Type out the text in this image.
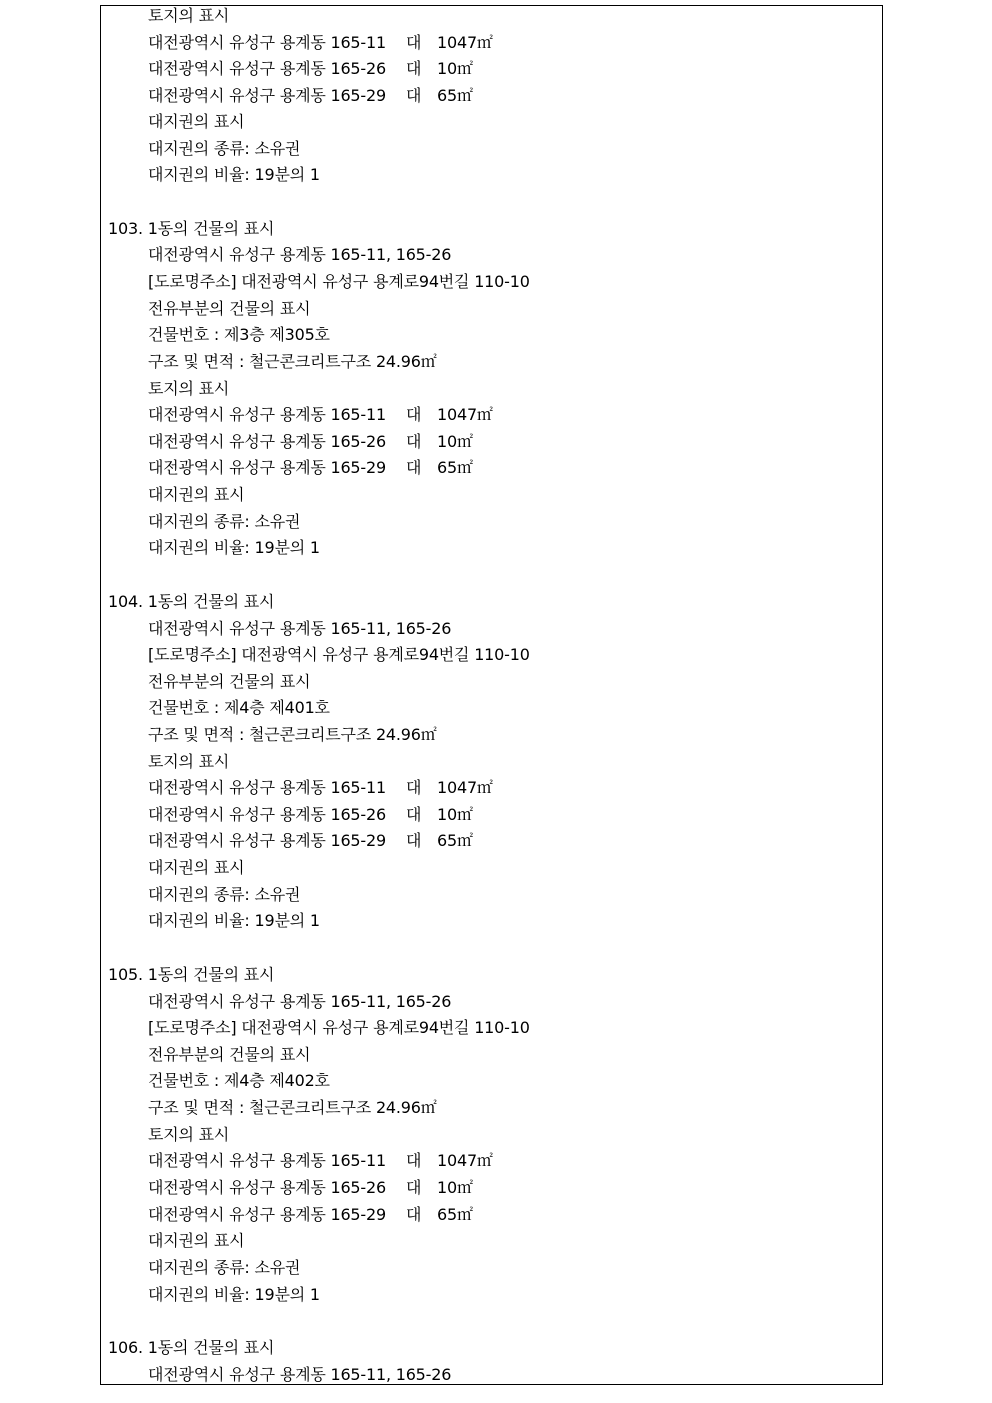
토지의 표시
대전광역시 유성구 용계동 165-11	대 1047㎡
대전광역시 유성구 용계동 165-26	대 10㎡
대전광역시 유성구 용계동 165-29	대 65㎡
대지권의 표시
대지권의 종류: 소유권
대지권의 비율: 19분의 1
103. 1동의 건물의 표시
대전광역시 유성구 용계동 165-11, 165-26
[도로명주소] 대전광역시 유성구 용계로94번길 110-10
전유부분의 건물의 표시
건물번호 : 제3층 제305호
구조 및 면적 : 철근콘크리트구조 24.96㎡
토지의 표시
대전광역시 유성구 용계동 165-11	대 1047㎡
대전광역시 유성구 용계동 165-26	대 10㎡
대전광역시 유성구 용계동 165-29	대 65㎡
대지권의 표시
대지권의 종류: 소유권
대지권의 비율: 19분의 1
104. 1동의 건물의 표시
대전광역시 유성구 용계동 165-11, 165-26
[도로명주소] 대전광역시 유성구 용계로94번길 110-10
전유부분의 건물의 표시
건물번호 : 제4층 제401호
구조 및 면적 : 철근콘크리트구조 24.96㎡
토지의 표시
대전광역시 유성구 용계동 165-11	대 1047㎡
대전광역시 유성구 용계동 165-26	대 10㎡
대전광역시 유성구 용계동 165-29	대 65㎡
대지권의 표시
대지권의 종류: 소유권
대지권의 비율: 19분의 1
105. 1동의 건물의 표시
대전광역시 유성구 용계동 165-11, 165-26
[도로명주소] 대전광역시 유성구 용계로94번길 110-10
전유부분의 건물의 표시
건물번호 : 제4층 제402호
구조 및 면적 : 철근콘크리트구조 24.96㎡
토지의 표시
대전광역시 유성구 용계동 165-11	대 1047㎡
대전광역시 유성구 용계동 165-26	대 10㎡
대전광역시 유성구 용계동 165-29	대 65㎡
대지권의 표시
대지권의 종류: 소유권
대지권의 비율: 19분의 1
106. 1동의 건물의 표시
대전광역시 유성구 용계동 165-11, 165-26
